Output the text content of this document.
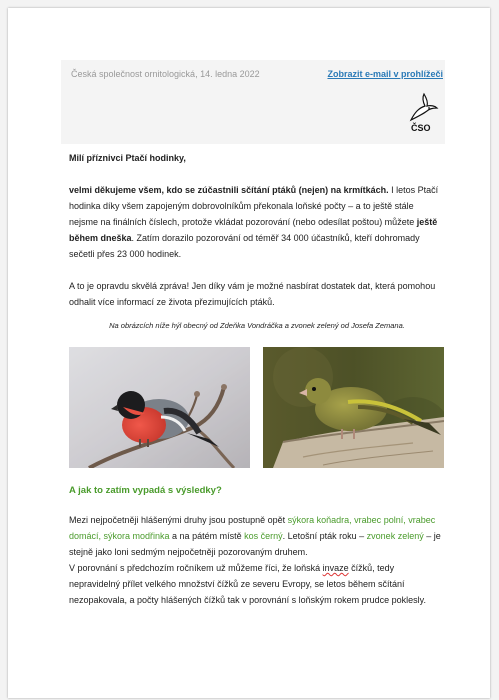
Česká společnost ornitologická, 14. ledna 2022	Zobrazit e-mail v prohlížeči
ČSO
Milí příznivci Ptačí hodinky,
velmi děkujeme všem, kdo se zúčastnili sčítání ptáků (nejen) na krmítkách. I letos Ptačí hodinka díky všem zapojeným dobrovolníkům překonala loňské počty – a to ještě stále nejsme na finálních číslech, protože vkládat pozorování (nebo odesílat poštou) můžete ještě během dneška. Zatím dorazilo pozorování od téměř 34 000 účastníků, kteří dohromady sečetli přes 23 000 hodinek.
A to je opravdu skvělá zpráva! Jen díky vám je možné nasbírat dostatek dat, která pomohou odhalit více informací ze života přezimujících ptáků.
Na obrázcích níže hýl obecný od Zdeňka Vondráčka a zvonek zelený od Josefa Zemana.
A jak to zatím vypadá s výsledky?
Mezi nejpočetněji hlášenými druhy jsou postupně opět sýkora koňadra, vrabec polní, vrabec domácí, sýkora modřinka a na pátém místě kos černý. Letošní pták roku – zvonek zelený – je stejně jako loni sedmým nejpočetněji pozorovaným druhem.
V porovnání s předchozím ročníkem už můžeme říci, že loňská invaze čížků, tedy nepravidelný přílet velkého množství čížků ze severu Evropy, se letos během sčítání nezopakovala, a počty hlášených čížků tak v porovnání s loňským rokem prudce poklesly.
